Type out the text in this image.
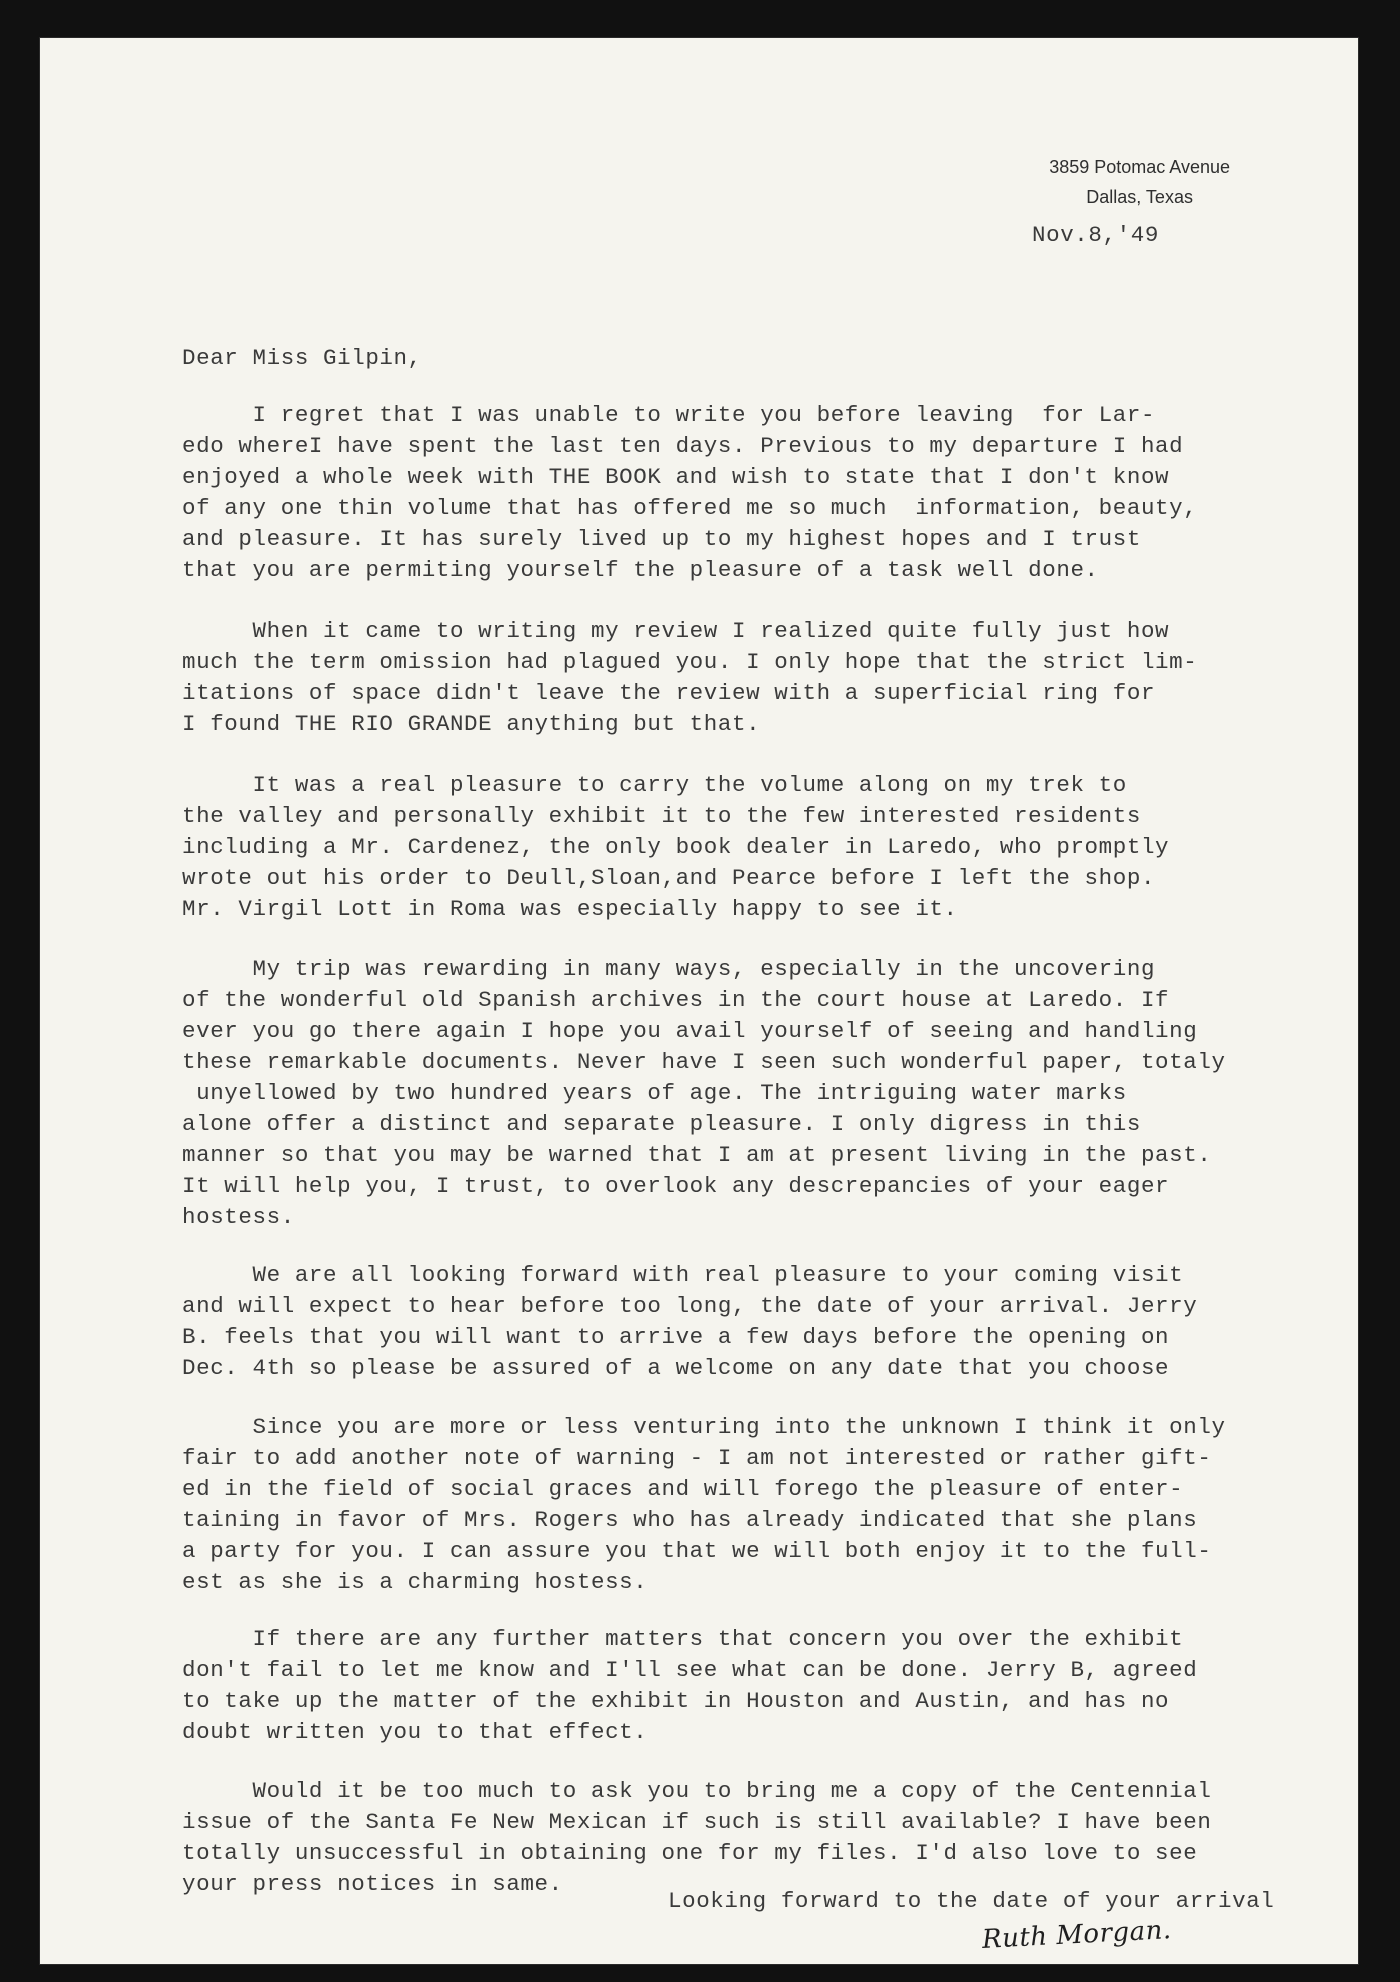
3859 Potomac Avenue
Dallas, Texas
Nov.8,'49
Dear Miss Gilpin,
I regret that I was unable to write you before leaving  for Lar-
edo whereI have spent the last ten days. Previous to my departure I had
enjoyed a whole week with THE BOOK and wish to state that I don't know
of any one thin volume that has offered me so much  information, beauty,
and pleasure. It has surely lived up to my highest hopes and I trust
that you are permiting yourself the pleasure of a task well done.
When it came to writing my review I realized quite fully just how
much the term omission had plagued you. I only hope that the strict lim-
itations of space didn't leave the review with a superficial ring for
I found THE RIO GRANDE anything but that.
It was a real pleasure to carry the volume along on my trek to
the valley and personally exhibit it to the few interested residents
including a Mr. Cardenez, the only book dealer in Laredo, who promptly
wrote out his order to Deull,Sloan,and Pearce before I left the shop.
Mr. Virgil Lott in Roma was especially happy to see it.
My trip was rewarding in many ways, especially in the uncovering
of the wonderful old Spanish archives in the court house at Laredo. If
ever you go there again I hope you avail yourself of seeing and handling
these remarkable documents. Never have I seen such wonderful paper, totaly
unyellowed by two hundred years of age. The intriguing water marks
alone offer a distinct and separate pleasure. I only digress in this
manner so that you may be warned that I am at present living in the past.
It will help you, I trust, to overlook any descrepancies of your eager
hostess.
We are all looking forward with real pleasure to your coming visit
and will expect to hear before too long, the date of your arrival. Jerry
B. feels that you will want to arrive a few days before the opening on
Dec. 4th so please be assured of a welcome on any date that you choose
Since you are more or less venturing into the unknown I think it only
fair to add another note of warning - I am not interested or rather gift-
ed in the field of social graces and will forego the pleasure of enter-
taining in favor of Mrs. Rogers who has already indicated that she plans
a party for you. I can assure you that we will both enjoy it to the full-
est as she is a charming hostess.
If there are any further matters that concern you over the exhibit
don't fail to let me know and I'll see what can be done. Jerry B, agreed
to take up the matter of the exhibit in Houston and Austin, and has no
doubt written you to that effect.
Would it be too much to ask you to bring me a copy of the Centennial
issue of the Santa Fe New Mexican if such is still available? I have been
totally unsuccessful in obtaining one for my files. I'd also love to see
your press notices in same.
Looking forward to the date of your arrival
Ruth Morgan.
